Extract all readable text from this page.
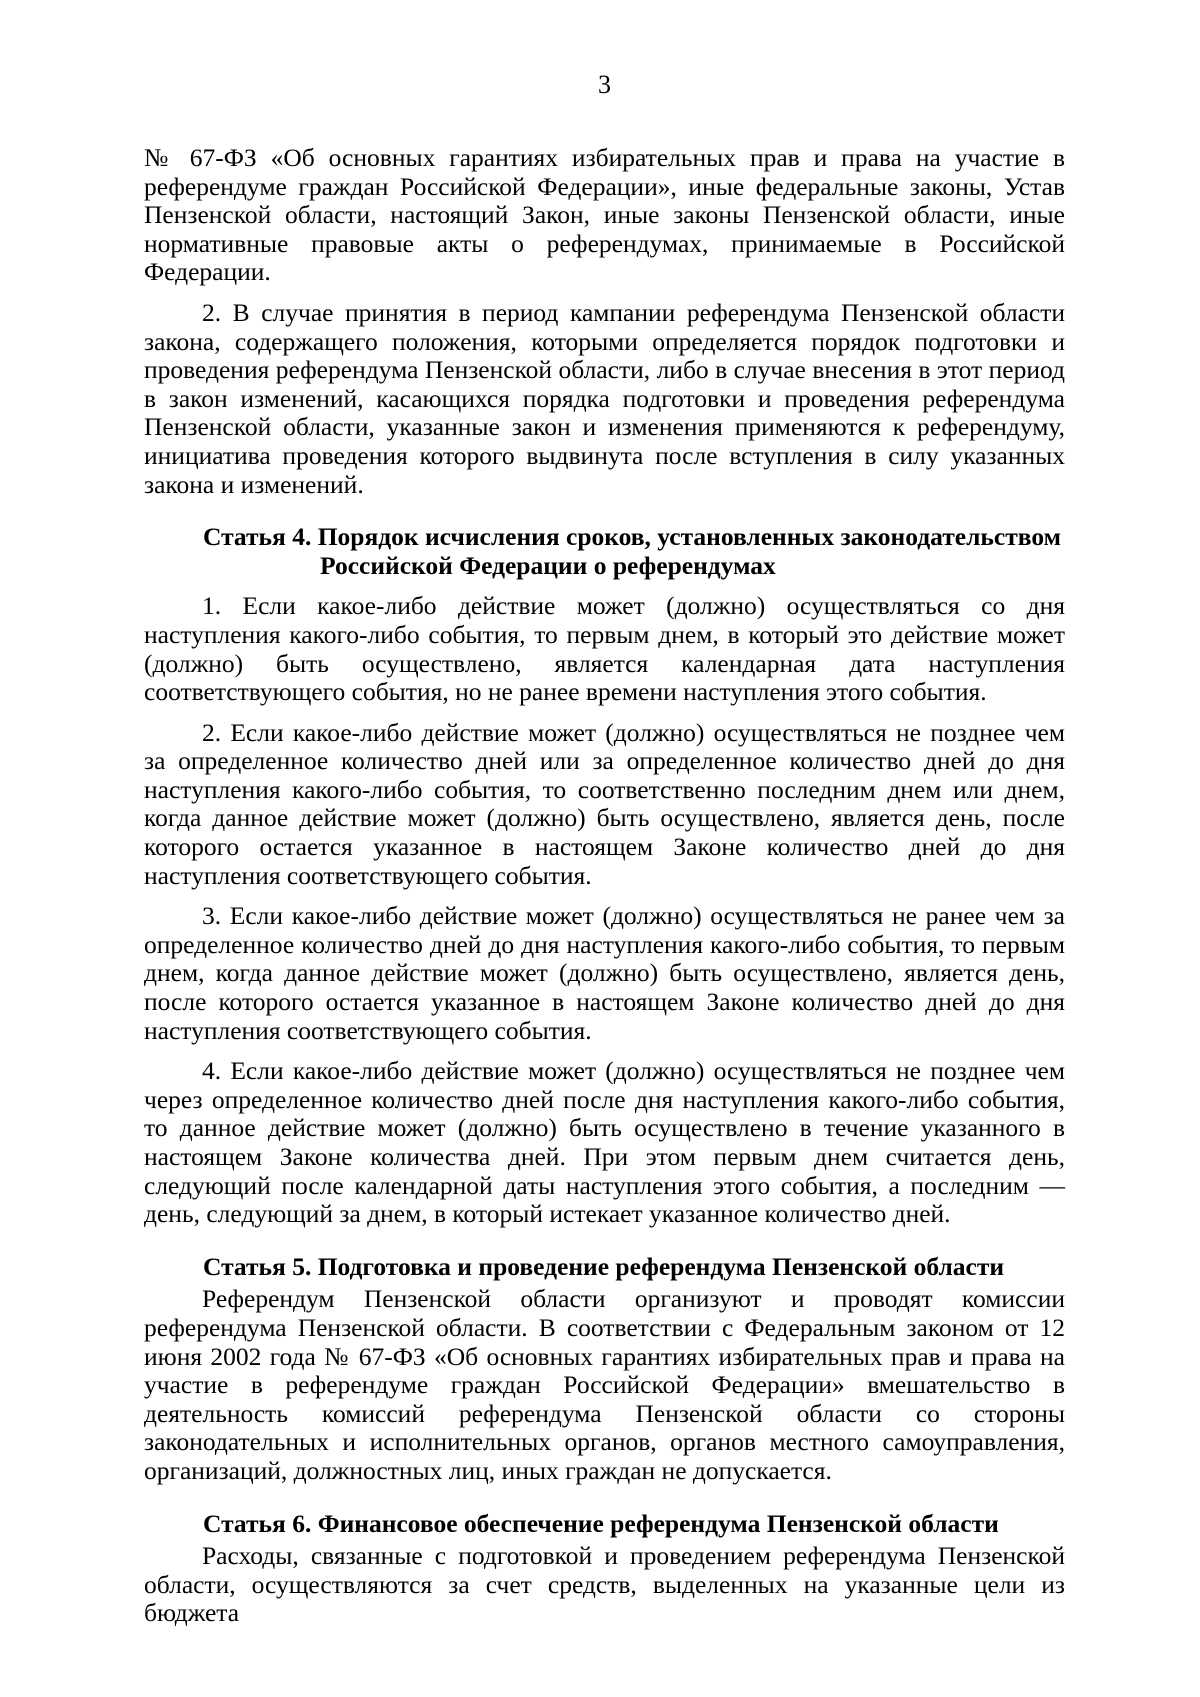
3

№ 67-ФЗ «Об основных гарантиях избирательных прав и права на участие в референдуме граждан Российской Федерации», иные федеральные законы, Устав Пензенской области, настоящий Закон, иные законы Пензенской области, иные нормативные правовые акты о референдумах, принимаемые в Российской Федерации.

2. В случае принятия в период кампании референдума Пензенской области закона, содержащего положения, которыми определяется порядок подготовки и проведения референдума Пензенской области, либо в случае внесения в этот период в закон изменений, касающихся порядка подготовки и проведения референдума Пензенской области, указанные закон и изменения применяются к референдуму, инициатива проведения которого выдвинута после вступления в силу указанных закона и изменений.

Статья 4. Порядок исчисления сроков, установленных законодательством
Российской Федерации о референдумах

1. Если какое-либо действие может (должно) осуществляться со дня наступления какого-либо события, то первым днем, в который это действие может (должно) быть осуществлено, является календарная дата наступления соответствующего события, но не ранее времени наступления этого события.

2. Если какое-либо действие может (должно) осуществляться не позднее чем за определенное количество дней или за определенное количество дней до дня наступления какого-либо события, то соответственно последним днем или днем, когда данное действие может (должно) быть осуществлено, является день, после которого остается указанное в настоящем Законе количество дней до дня наступления соответствующего события.

3. Если какое-либо действие может (должно) осуществляться не ранее чем за определенное количество дней до дня наступления какого-либо события, то первым днем, когда данное действие может (должно) быть осуществлено, является день, после которого остается указанное в настоящем Законе количество дней до дня наступления соответствующего события.

4. Если какое-либо действие может (должно) осуществляться не позднее чем через определенное количество дней после дня наступления какого-либо события, то данное действие может (должно) быть осуществлено в течение указанного в настоящем Законе количества дней. При этом первым днем считается день, следующий после календарной даты наступления этого события, а последним — день, следующий за днем, в который истекает указанное количество дней.

Статья 5. Подготовка и проведение референдума Пензенской области

Референдум Пензенской области организуют и проводят комиссии референдума Пензенской области. В соответствии с Федеральным законом от 12 июня 2002 года № 67-ФЗ «Об основных гарантиях избирательных прав и права на участие в референдуме граждан Российской Федерации» вмешательство в деятельность комиссий референдума Пензенской области со стороны законодательных и исполнительных органов, органов местного самоуправления, организаций, должностных лиц, иных граждан не допускается.

Статья 6. Финансовое обеспечение референдума Пензенской области

Расходы, связанные с подготовкой и проведением референдума Пензенской области, осуществляются за счет средств, выделенных на указанные цели из бюджета
